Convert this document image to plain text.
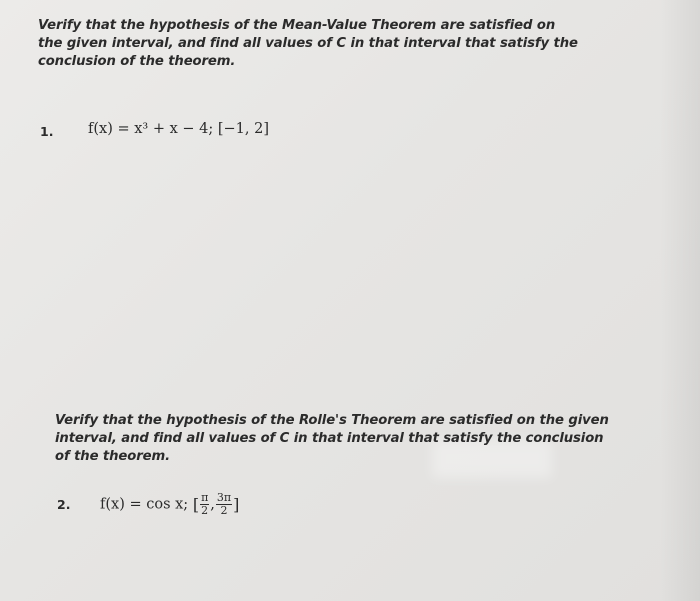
Verify that the hypothesis of the Mean-Value Theorem are satisfied on the given interval, and find all values of C in that interval that satisfy the conclusion of the theorem.
1. f(x) = x³ + x − 4; [−1, 2]
Verify that the hypothesis of the Rolle's Theorem are satisfied on the given interval, and find all values of C in that interval that satisfy the conclusion of the theorem.
2. f(x) = cos x; [ $\frac{\pi}{2}$ , $\frac{3\pi}{2}$ ]
